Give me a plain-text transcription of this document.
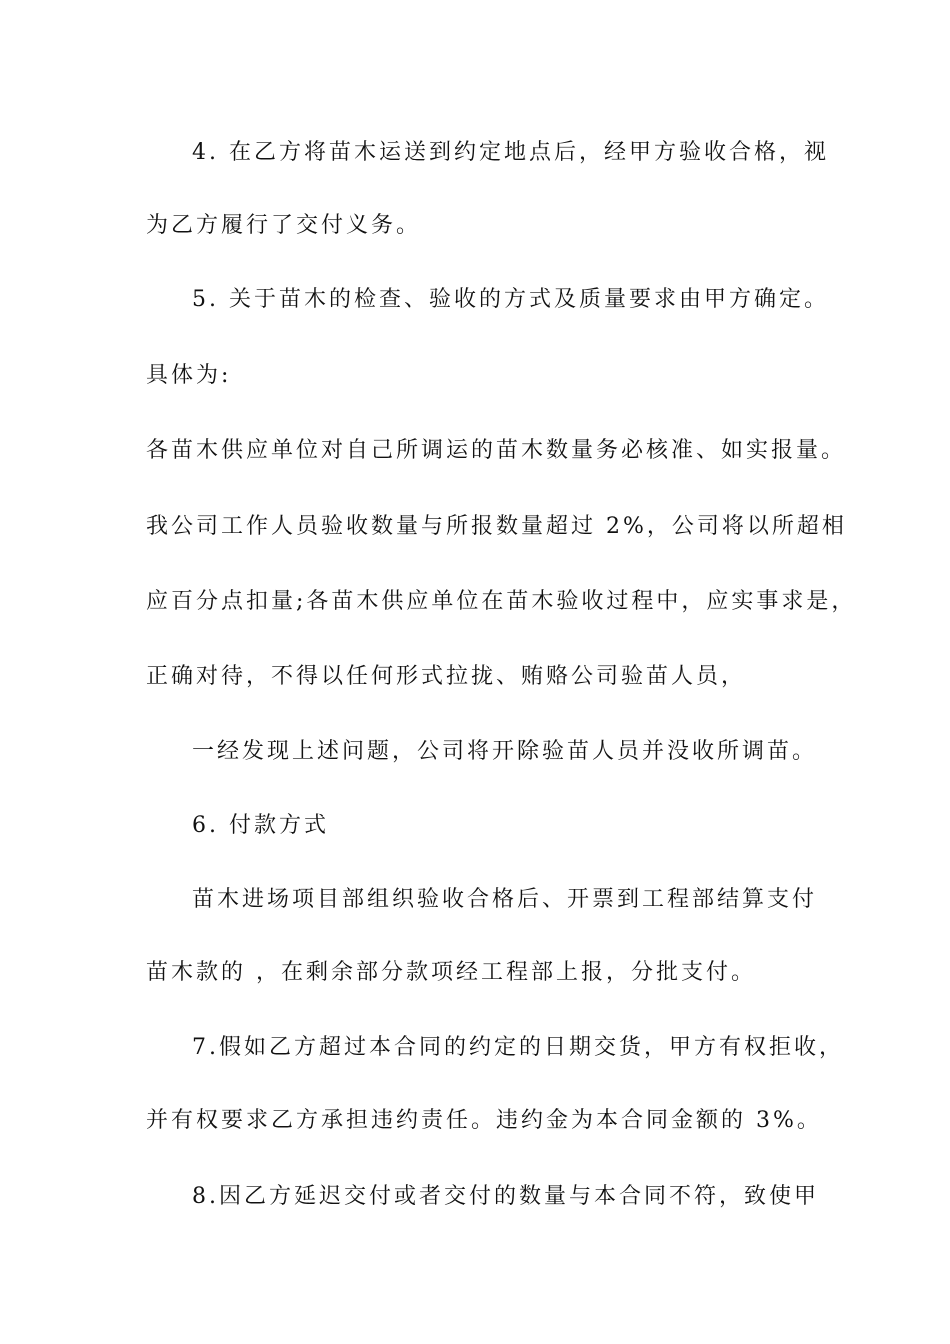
4. 在乙方将苗木运送到约定地点后，经甲方验收合格，视

为乙方履行了交付义务。

5. 关于苗木的检查、验收的方式及质量要求由甲方确定。

具体为:

各苗木供应单位对自己所调运的苗木数量务必核准、如实报量。

我公司工作人员验收数量与所报数量超过 2%，公司将以所超相

应百分点扣量;各苗木供应单位在苗木验收过程中，应实事求是，

正确对待，不得以任何形式拉拢、贿赂公司验苗人员，

一经发现上述问题，公司将开除验苗人员并没收所调苗。

6. 付款方式

苗木进场项目部组织验收合格后、开票到工程部结算支付

苗木款的 ，在剩余部分款项经工程部上报，分批支付。

7.假如乙方超过本合同的约定的日期交货，甲方有权拒收，

并有权要求乙方承担违约责任。违约金为本合同金额的 3%。

8.因乙方延迟交付或者交付的数量与本合同不符，致使甲
